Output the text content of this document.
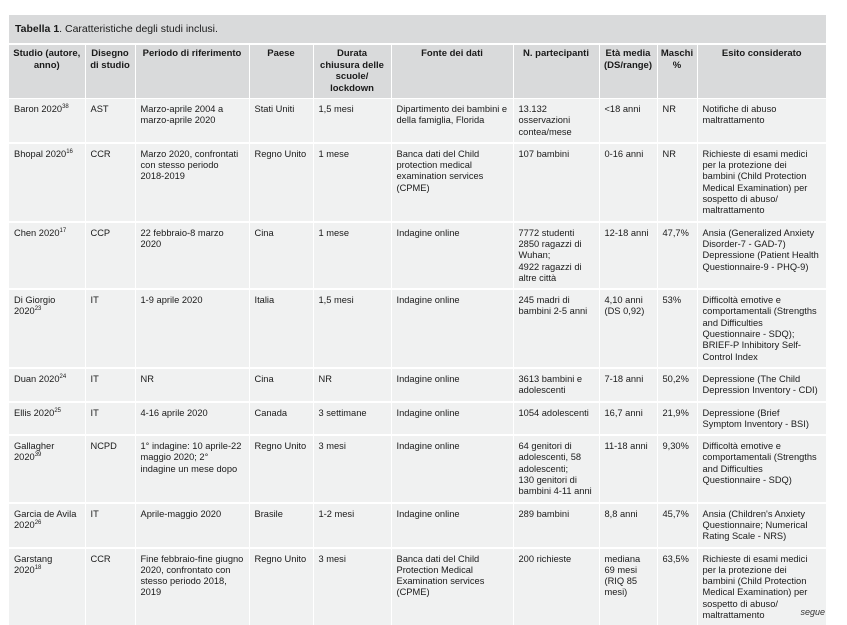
Tabella 1. Caratteristiche degli studi inclusi.
Studio (autore, anno)	Disegno di studio	Periodo di riferimento	Paese	Durata chiusura delle scuole/ lockdown	Fonte dei dati	N. partecipanti	Età media (DS/range)	Maschi %	Esito considerato
Baron 2020$^{38}$	AST	Marzo-aprile 2004 a marzo-aprile 2020	Stati Uniti	1,5 mesi	Dipartimento dei bambini e della famiglia, Florida	13.132 osservazioni contea/mese	<18 anni	NR	Notifiche di abuso maltrattamento
Bhopal 2020$^{16}$	CCR	Marzo 2020, confrontati con stesso periodo 2018-2019	Regno Unito	1 mese	Banca dati del Child protection medical examination services (CPME)	107 bambini	0-16 anni	NR	Richieste di esami medici per la protezione dei bambini (Child Protection Medical Examination) per sospetto di abuso/ maltrattamento
Chen 2020$^{17}$	CCP	22 febbraio-8 marzo 2020	Cina	1 mese	Indagine online	7772 studenti
2850 ragazzi di Wuhan;
4922 ragazzi di altre città	12-18 anni	47,7%	Ansia (Generalized Anxiety Disorder-7 - GAD-7)
Depressione (Patient Health Questionnaire-9 - PHQ-9)
Di Giorgio 2020$^{23}$	IT	1-9 aprile 2020	Italia	1,5 mesi	Indagine online	245 madri di bambini 2-5 anni	4,10 anni (DS 0,92)	53%	Difficoltà emotive e comportamentali (Strengths and Difficulties Questionnaire - SDQ);
BRIEF-P Inhibitory Self-Control Index
Duan 2020$^{24}$	IT	NR	Cina	NR	Indagine online	3613 bambini e adolescenti	7-18 anni	50,2%	Depressione (The Child Depression Inventory - CDI)
Ellis 2020$^{25}$	IT	4-16 aprile 2020	Canada	3 settimane	Indagine online	1054 adolescenti	16,7 anni	21,9%	Depressione (Brief Symptom Inventory - BSI)
Gallagher 2020$^{39}$	NCPD	1° indagine: 10 aprile-22 maggio 2020; 2° indagine un mese dopo	Regno Unito	3 mesi	Indagine online	64 genitori di adolescenti, 58 adolescenti;
130 genitori di bambini 4-11 anni	11-18 anni	9,30%	Difficoltà emotive e comportamentali (Strengths and Difficulties Questionnaire - SDQ)
Garcia de Avila 2020$^{26}$	IT	Aprile-maggio 2020	Brasile	1-2 mesi	Indagine online	289 bambini	8,8 anni	45,7%	Ansia (Children's Anxiety Questionnaire; Numerical Rating Scale - NRS)
Garstang 2020$^{18}$	CCR	Fine febbraio-fine giugno 2020, confrontato con stesso periodo 2018, 2019	Regno Unito	3 mesi	Banca dati del Child Protection Medical Examination services (CPME)	200 richieste	mediana 69 mesi (RIQ 85 mesi)	63,5%	Richieste di esami medici per la protezione dei bambini (Child Protection Medical Examination) per sospetto di abuso/ maltrattamento	segue
